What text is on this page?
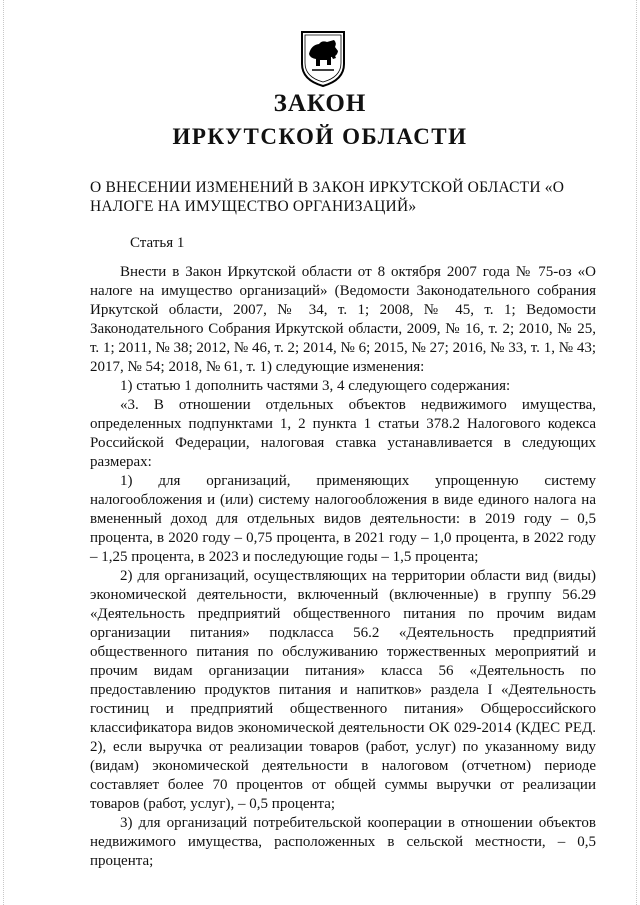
ЗАКОН
ИРКУТСКОЙ ОБЛАСТИ
О ВНЕСЕНИИ ИЗМЕНЕНИЙ В ЗАКОН ИРКУТСКОЙ ОБЛАСТИ «О НАЛОГЕ НА ИМУЩЕСТВО ОРГАНИЗАЦИЙ»
Статья 1

Внести в Закон Иркутской области от 8 октября 2007 года № 75-оз «О налоге на имущество организаций» (Ведомости Законодательного собрания Иркутской области, 2007, № 34, т. 1; 2008, № 45, т. 1; Ведомости Законодательного Собрания Иркутской области, 2009, № 16, т. 2; 2010, № 25, т. 1; 2011, № 38; 2012, № 46, т. 2; 2014, № 6; 2015, № 27; 2016, № 33, т. 1, № 43; 2017, № 54; 2018, № 61, т. 1) следующие изменения:

1) статью 1 дополнить частями 3, 4 следующего содержания:

«3. В отношении отдельных объектов недвижимого имущества, определенных подпунктами 1, 2 пункта 1 статьи 378.2 Налогового кодекса Российской Федерации, налоговая ставка устанавливается в следующих размерах:

1) для организаций, применяющих упрощенную систему налогообложения и (или) систему налогообложения в виде единого налога на вмененный доход для отдельных видов деятельности: в 2019 году – 0,5 процента, в 2020 году – 0,75 процента, в 2021 году – 1,0 процента, в 2022 году – 1,25 процента, в 2023 и последующие годы – 1,5 процента;

2) для организаций, осуществляющих на территории области вид (виды) экономической деятельности, включенный (включенные) в группу 56.29 «Деятельность предприятий общественного питания по прочим видам организации питания» подкласса 56.2 «Деятельность предприятий общественного питания по обслуживанию торжественных мероприятий и прочим видам организации питания» класса 56 «Деятельность по предоставлению продуктов питания и напитков» раздела I «Деятельность гостиниц и предприятий общественного питания» Общероссийского классификатора видов экономической деятельности ОК 029-2014 (КДЕС РЕД. 2), если выручка от реализации товаров (работ, услуг) по указанному виду (видам) экономической деятельности в налоговом (отчетном) периоде составляет более 70 процентов от общей суммы выручки от реализации товаров (работ, услуг), – 0,5 процента;

3) для организаций потребительской кооперации в отношении объектов недвижимого имущества, расположенных в сельской местности, – 0,5 процента;
